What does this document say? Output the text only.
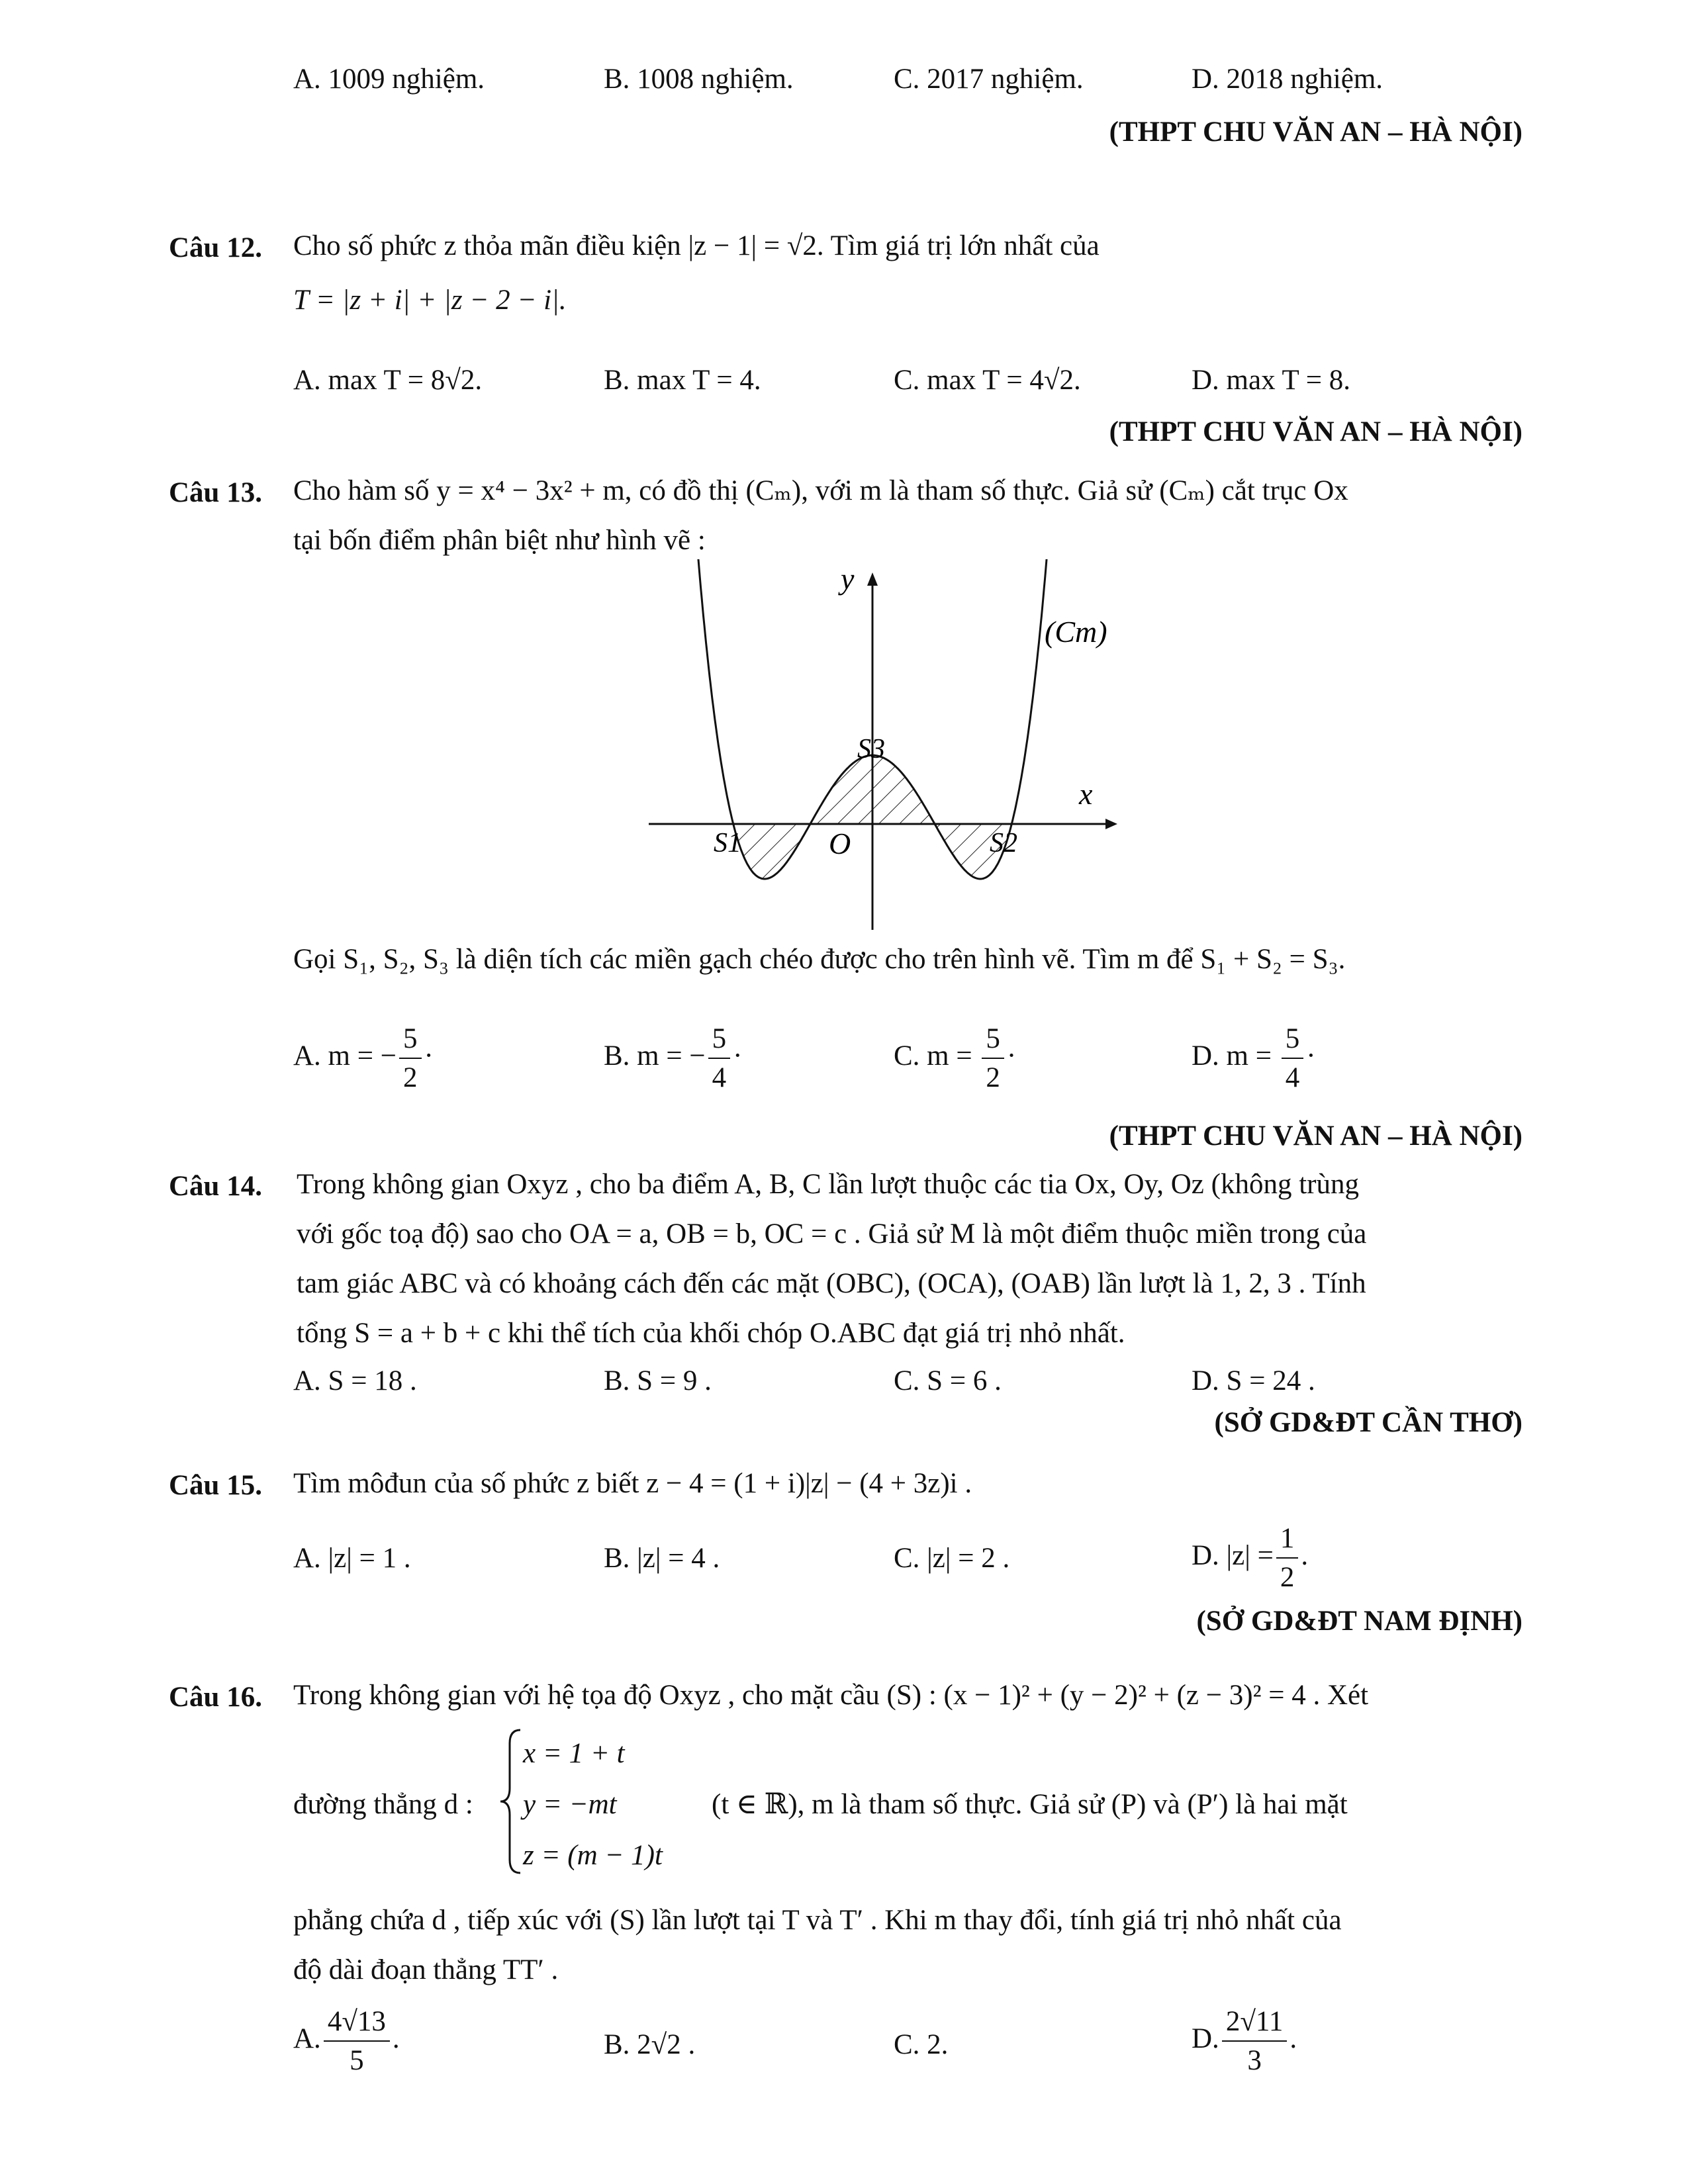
A. 1009 nghiệm.	B. 1008 nghiệm.	C. 2017 nghiệm.	D. 2018 nghiệm.
(THPT CHU VĂN AN – HÀ NỘI)
Câu 12. Cho số phức z thỏa mãn điều kiện |z − 1| = √2. Tìm giá trị lớn nhất của
T = |z + i| + |z − 2 − i|.
A. max T = 8√2.	B. max T = 4.	C. max T = 4√2.	D. max T = 8.
(THPT CHU VĂN AN – HÀ NỘI)
Câu 13. Cho hàm số y = x⁴ − 3x² + m, có đồ thị (Cₘ), với m là tham số thực. Giả sử (Cₘ) cắt trục Ox
tại bốn điểm phân biệt như hình vẽ :
y
x
O
(Cm)
S1	S2
S3
Gọi S₁, S₂, S₃ là diện tích các miền gạch chéo được cho trên hình vẽ. Tìm m để S₁ + S₂ = S₃.
A. m = − $\frac{5}{2}$ ·	B. m = − $\frac{5}{4}$ ·	C. $m = \frac{5}{2}$ ·	D. $m = \frac{5}{4}$ ·
(THPT CHU VĂN AN – HÀ NỘI)
Câu 14. Trong không gian Oxyz , cho ba điểm A, B, C lần lượt thuộc các tia Ox, Oy, Oz (không trùng
với gốc toạ độ) sao cho OA = a, OB = b, OC = c . Giả sử M là một điểm thuộc miền trong của
tam giác ABC và có khoảng cách đến các mặt (OBC), (OCA), (OAB) lần lượt là 1, 2, 3 . Tính
tổng S = a + b + c khi thể tích của khối chóp O.ABC đạt giá trị nhỏ nhất.
A. S = 18 .	B. S = 9 .	C. S = 6 .	D. S = 24 .
(SỞ GD&ĐT CẦN THƠ)
Câu 15. Tìm môđun của số phức z biết z − 4 = (1 + i)|z| − (4 + 3z)i .
A. |z| = 1 .	B. |z| = 4 .	C. |z| = 2 .	D. $|z| = \frac{1}{2}$ .
(SỞ GD&ĐT NAM ĐỊNH)
Câu 16. Trong không gian với hệ tọa độ Oxyz , cho mặt cầu (S) : (x − 1)² + (y − 2)² + (z − 3)² = 4 . Xét
đường thẳng d :
x = 1 + t
y = −mt
z = (m − 1)t
(t ∈ ℝ), m là tham số thực. Giả sử (P) và (P′) là hai mặt
phẳng chứa d , tiếp xúc với (S) lần lượt tại T và T′ . Khi m thay đổi, tính giá trị nhỏ nhất của
độ dài đoạn thẳng TT′ .
A. $\frac{4√13}{5}$ .	B. 2√2 .	C. 2.	D. $\frac{2√11}{3}$ .
